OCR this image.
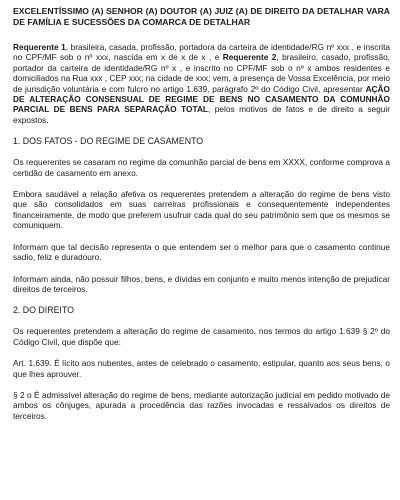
EXCELENTÍSSIMO (A) SENHOR (A) DOUTOR (A) JUIZ (A) DE DIREITO DA DETALHAR VARA DE FAMÍLIA E SUCESSÕES DA COMARCA DE DETALHAR

Requerente 1, brasileira, casada, profissão, portadora da carteira de identidade/RG nº xxx , e inscrita no CPF/MF sob o nº xxx, nascida em x de x de x , e Requerente 2, brasileiro, casado, profissão, portador da carteira de identidade/RG nº x , e inscrito no CPF/MF sob o nº x ambos residentes e domiciliados na Rua xxx , CEP xxx; na cidade de xxx; vem, a presença de Vossa Excelência, por meio de jurisdição voluntária e com fulcro no artigo 1.639, parágrafo 2º do Código Civil, apresentar AÇÃO DE ALTERAÇÃO CONSENSUAL DE REGIME DE BENS NO CASAMENTO DA COMUNHÃO PARCIAL DE BENS PARA SEPARAÇÃO TOTAL, pelos motivos de fatos e de direito a seguir expostos.

1. DOS FATOS - DO REGIME DE CASAMENTO

Os requerentes se casaram no regime da comunhão parcial de bens em XXXX, conforme comprova a certidão de casamento em anexo.

Embora saudável a relação afetiva os requerentes pretendem a alteração do regime de bens visto que são consolidados em suas carreiras profissionais e consequentemente independentes financeiramente, de modo que preferem usufruir cada qual do seu patrimônio sem que os mesmos se comuniquem.

Informam que tal decisão representa o que entendem ser o melhor para que o casamento continue sadio, feliz e duradouro.

Informam ainda, não possuir filhos, bens, e dívidas em conjunto e muito menos intenção de prejudicar direitos de terceiros.

2. DO DIREITO

Os requerentes pretendem a alteração do regime de casamento, nos termos do artigo 1.639 § 2º do Código Civil, que dispõe que:

Art. 1.639. É lícito aos nubentes, antes de celebrado o casamento, estipular, quanto aos seus bens, o que lhes aprouver.

§ 2 o É admissível alteração do regime de bens, mediante autorização judicial em pedido motivado de ambos os cônjuges, apurada a procedência das razões invocadas e ressalvados os direitos de terceiros.
